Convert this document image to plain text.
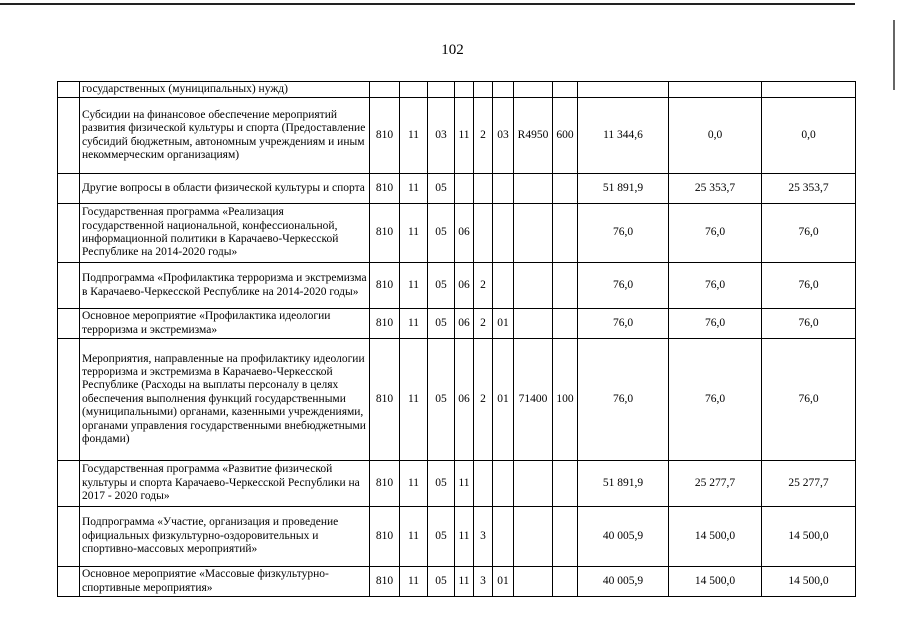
102
	государственных (муниципальных) нужд)											
	Субсидии на финансовое обеспечение мероприятий развития физической культуры и спорта (Предоставление субсидий бюджетным, автономным учреждениям и иным некоммерческим организациям)	810	11	03	11	2	03	R4950	600	11 344,6	0,0	0,0
	Другие вопросы в области физической культуры и спорта	810	11	05						51 891,9	25 353,7	25 353,7
	Государственная программа «Реализация государственной национальной, конфессиональной, информационной политики в Карачаево-Черкесской Республике на 2014-2020 годы»	810	11	05	06					76,0	76,0	76,0
	Подпрограмма «Профилактика терроризма и экстремизма в Карачаево-Черкесской Республике на 2014-2020 годы»	810	11	05	06	2				76,0	76,0	76,0
	Основное мероприятие «Профилактика идеологии терроризма и экстремизма»	810	11	05	06	2	01			76,0	76,0	76,0
	Мероприятия, направленные на профилактику идеологии терроризма и экстремизма в Карачаево-Черкесской Республике (Расходы на выплаты персоналу в целях обеспечения выполнения функций государственными (муниципальными) органами, казенными учреждениями, органами управления государственными внебюджетными фондами)	810	11	05	06	2	01	71400	100	76,0	76,0	76,0
	Государственная программа «Развитие физической культуры и спорта Карачаево-Черкесской Республики на 2017 - 2020 годы»	810	11	05	11					51 891,9	25 277,7	25 277,7
	Подпрограмма «Участие, организация и проведение официальных физкультурно-оздоровительных и спортивно-массовых мероприятий»	810	11	05	11	3				40 005,9	14 500,0	14 500,0
	Основное мероприятие «Массовые физкультурно-спортивные мероприятия»	810	11	05	11	3	01			40 005,9	14 500,0	14 500,0
